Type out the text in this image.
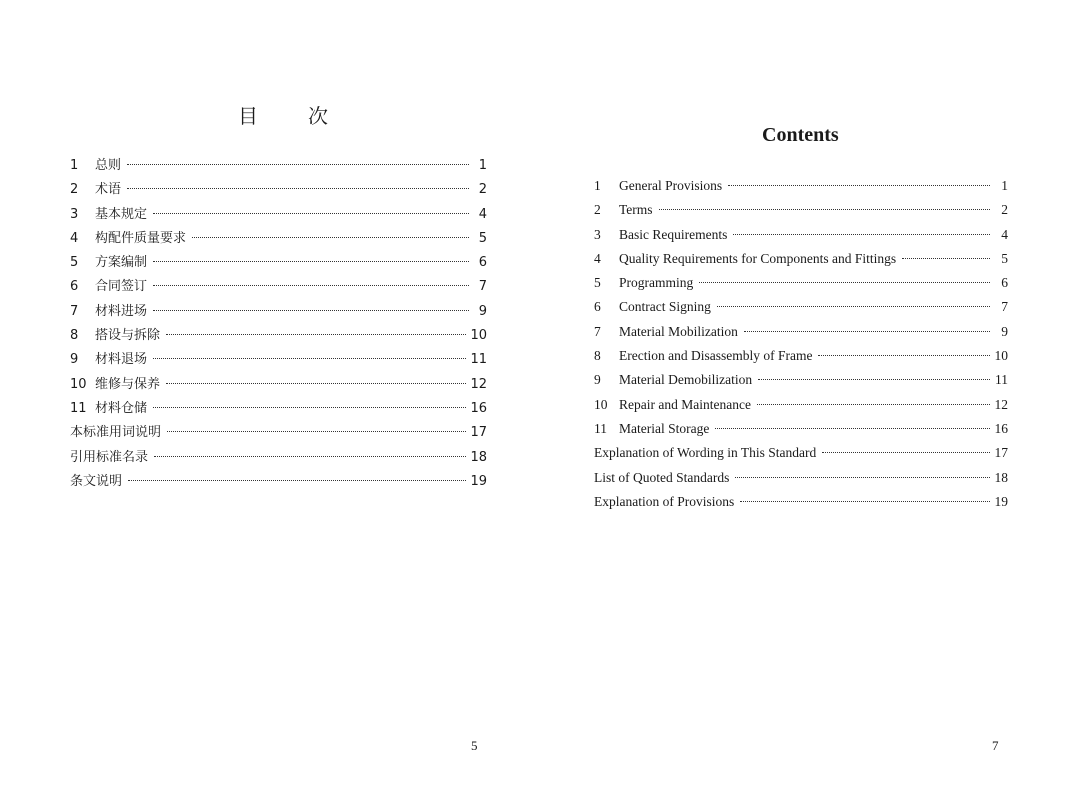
目	次
1	总则	1
2	术语	2
3	基本规定	4
4	构配件质量要求	5
5	方案编制	6
6	合同签订	7
7	材料进场	9
8	搭设与拆除	10
9	材料退场	11
10 维修与保养	12
11 材料仓储	16
本标准用词说明	17
引用标准名录	18
条文说明	19
5
Contents
1	General Provisions	1
2	Terms	2
3	Basic Requirements	4
4	Quality Requirements for Components and Fittings	5
5	Programming	6
6	Contract Signing	7
7	Material Mobilization	9
8	Erection and Disassembly of Frame	10
9	Material Demobilization	11
10 Repair and Maintenance	12
11 Material Storage	16
Explanation of Wording in This Standard	17
List of Quoted Standards	18
Explanation of Provisions	19
7
